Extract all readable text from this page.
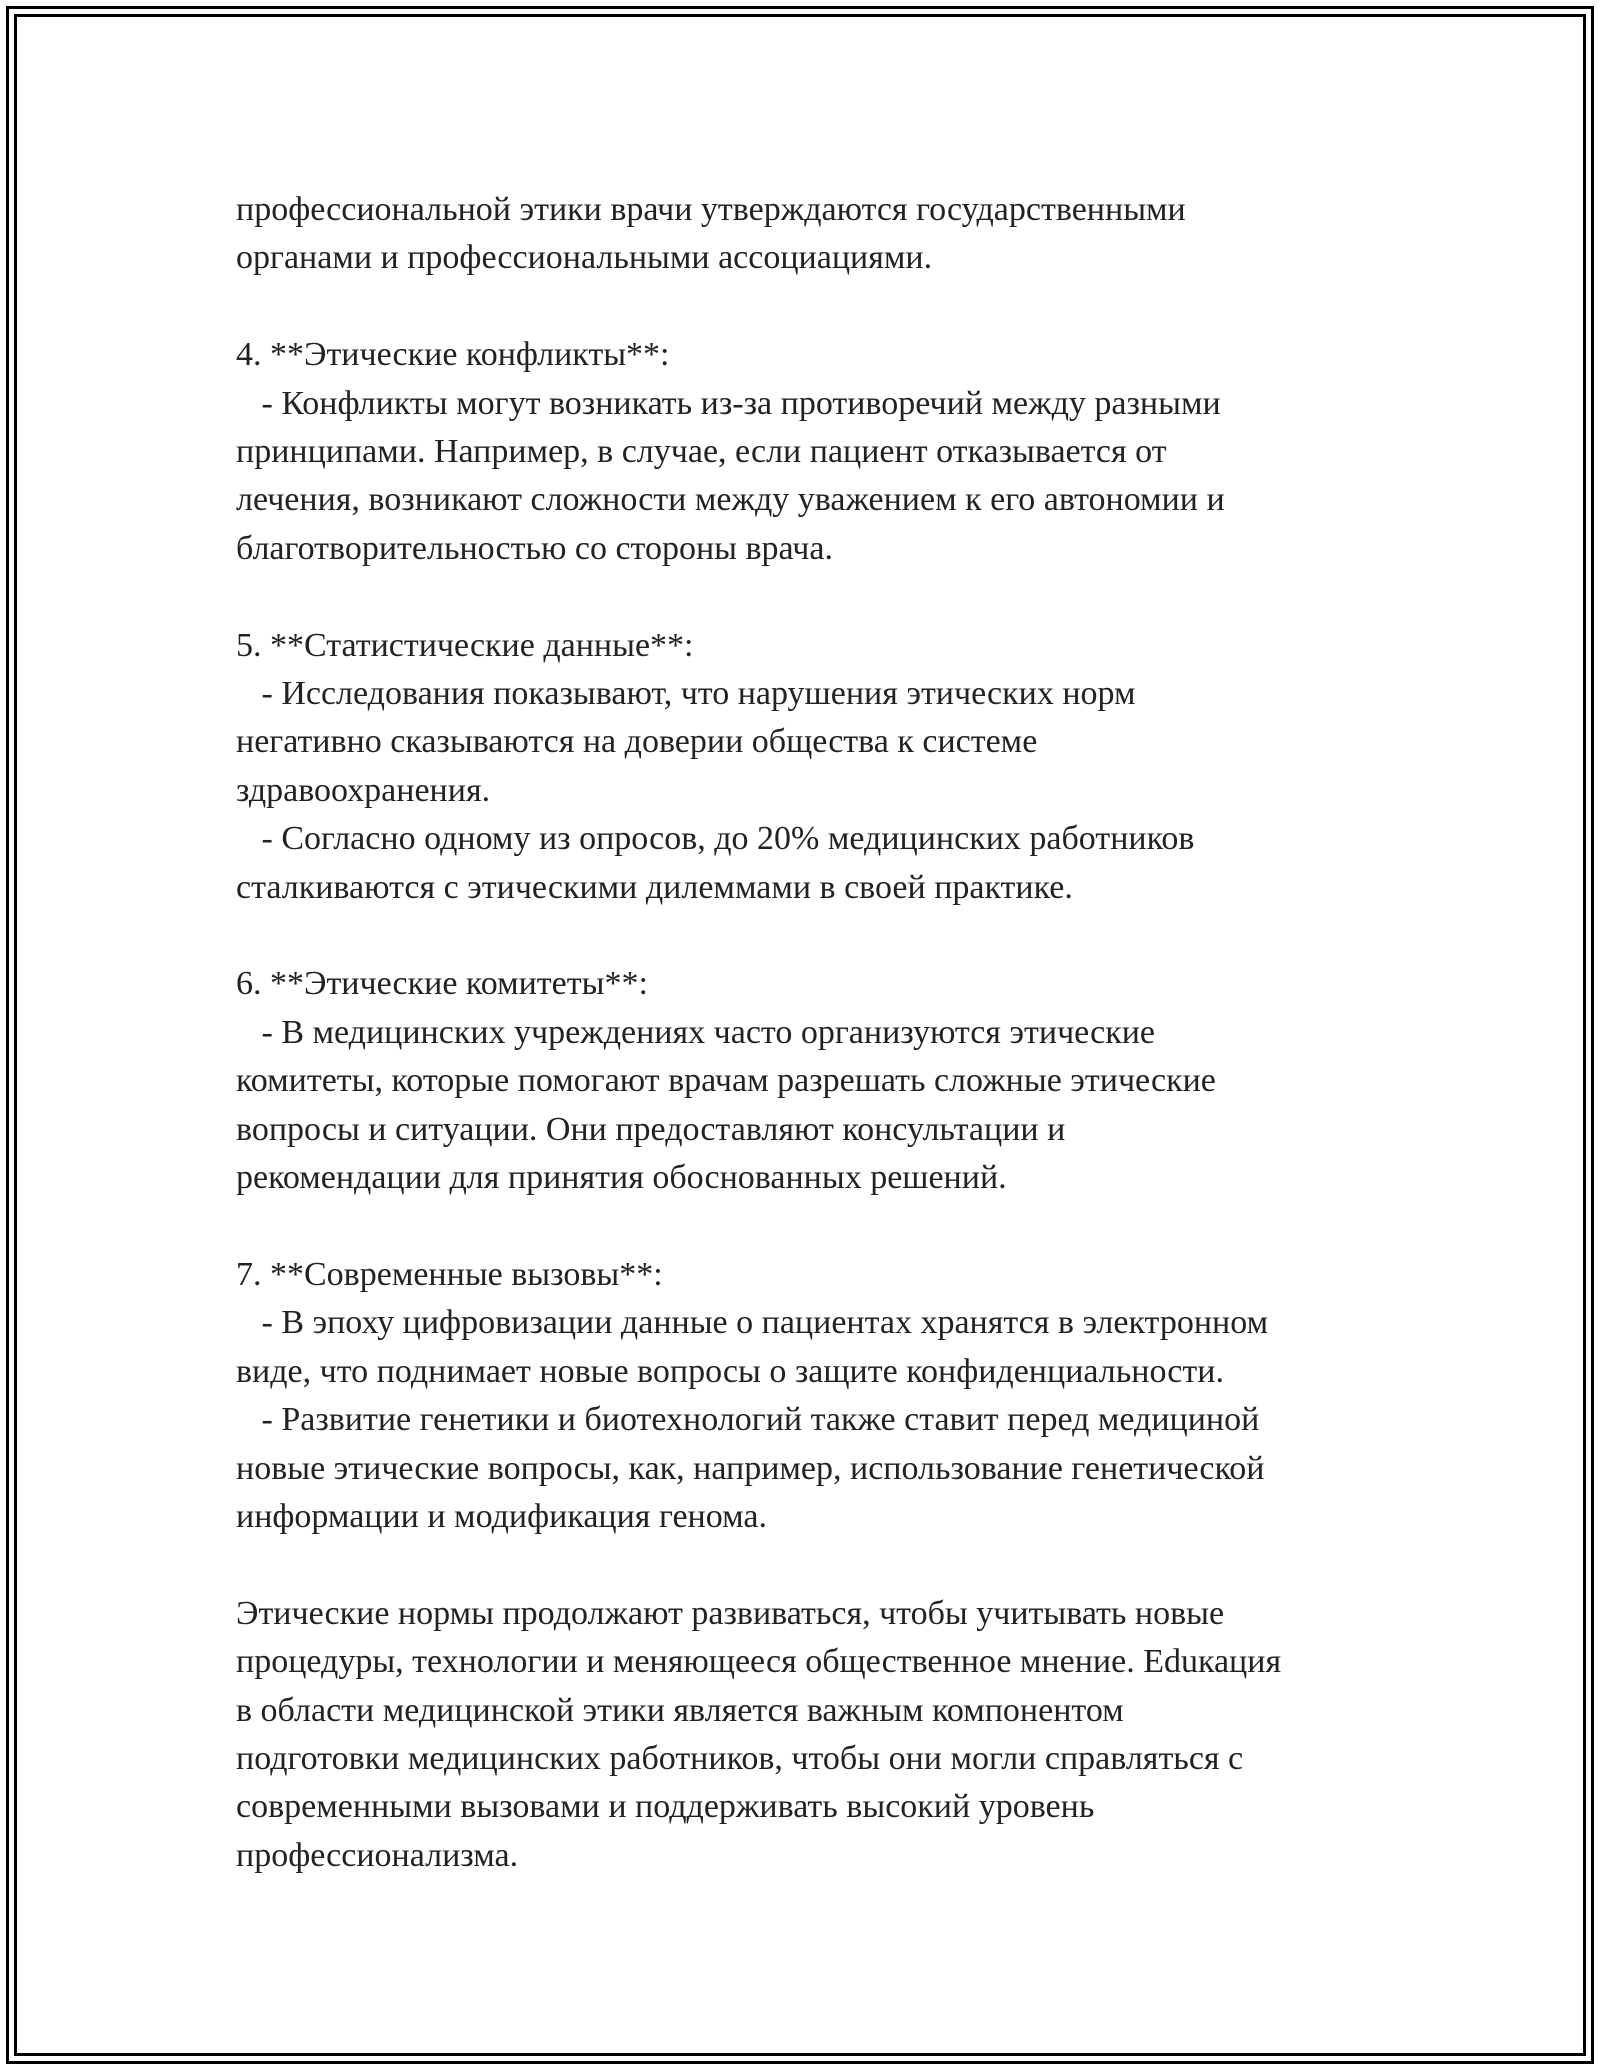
профессиональной этики врачи утверждаются государственными

органами и профессиональными ассоциациями.

4. **Этические конфликты**:

- Конфликты могут возникать из-за противоречий между разными

принципами. Например, в случае, если пациент отказывается от

лечения, возникают сложности между уважением к его автономии и

благотворительностью со стороны врача.

5. **Статистические данные**:

- Исследования показывают, что нарушения этических норм

негативно сказываются на доверии общества к системе

здравоохранения.

- Согласно одному из опросов, до 20% медицинских работников

сталкиваются с этическими дилеммами в своей практике.

6. **Этические комитеты**:

- В медицинских учреждениях часто организуются этические

комитеты, которые помогают врачам разрешать сложные этические

вопросы и ситуации. Они предоставляют консультации и

рекомендации для принятия обоснованных решений.

7. **Современные вызовы**:

- В эпоху цифровизации данные о пациентах хранятся в электронном

виде, что поднимает новые вопросы о защите конфиденциальности.

- Развитие генетики и биотехнологий также ставит перед медициной

новые этические вопросы, как, например, использование генетической

информации и модификация генома.

Этические нормы продолжают развиваться, чтобы учитывать новые

процедуры, технологии и меняющееся общественное мнение. Eduкация

в области медицинской этики является важным компонентом

подготовки медицинских работников, чтобы они могли справляться с

современными вызовами и поддерживать высокий уровень

профессионализма.
